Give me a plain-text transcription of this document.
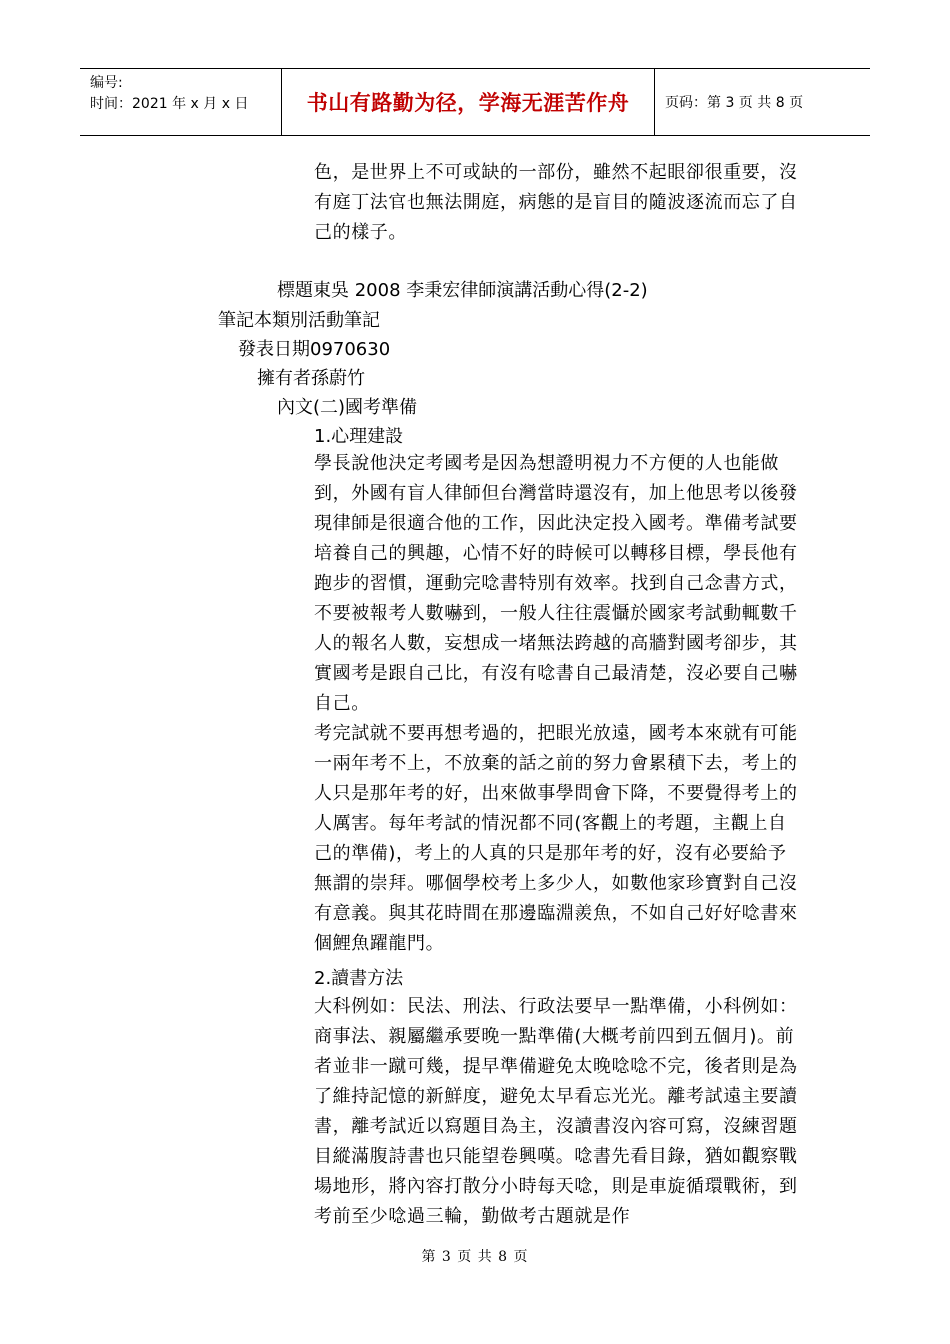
编号:
时间：2021 年 x 月 x 日	书山有路勤为径，学海无涯苦作舟	页码：第 3 页 共 8 页

色，是世界上不可或缺的一部份，雖然不起眼卻很重要，沒有庭丁法官也無法開庭，病態的是盲目的隨波逐流而忘了自己的樣子。

標題東吳 2008 李秉宏律師演講活動心得(2-2)
筆記本類別活動筆記
發表日期0970630
擁有者孫蔚竹
內文(二)國考準備
1.心理建設

學長說他決定考國考是因為想證明視力不方便的人也能做到，外國有盲人律師但台灣當時還沒有，加上他思考以後發現律師是很適合他的工作，因此決定投入國考。準備考試要培養自己的興趣，心情不好的時候可以轉移目標，學長他有跑步的習慣，運動完唸書特別有效率。找到自己念書方式，不要被報考人數嚇到，一般人往往震懾於國家考試動輒數千人的報名人數，妄想成一堵無法跨越的高牆對國考卻步，其實國考是跟自己比，有沒有唸書自己最清楚，沒必要自己嚇自己。

考完試就不要再想考過的，把眼光放遠，國考本來就有可能一兩年考不上，不放棄的話之前的努力會累積下去，考上的人只是那年考的好，出來做事學問會下降，不要覺得考上的人厲害。每年考試的情況都不同(客觀上的考題，主觀上自己的準備)，考上的人真的只是那年考的好，沒有必要給予無謂的崇拜。哪個學校考上多少人，如數他家珍寶對自己沒有意義。與其花時間在那邊臨淵羨魚，不如自己好好唸書來個鯉魚躍龍門。

2.讀書方法

大科例如：民法、刑法、行政法要早一點準備，小科例如：商事法、親屬繼承要晚一點準備(大概考前四到五個月)。前者並非一蹴可幾，提早準備避免太晚唸唸不完，後者則是為了維持記憶的新鮮度，避免太早看忘光光。離考試遠主要讀書，離考試近以寫題目為主，沒讀書沒內容可寫，沒練習題目縱滿腹詩書也只能望卷興嘆。唸書先看目錄，猶如觀察戰場地形，將內容打散分小時每天唸，則是車旋循環戰術，到考前至少唸過三輪，勤做考古題就是作

第 3 页 共 8 页
